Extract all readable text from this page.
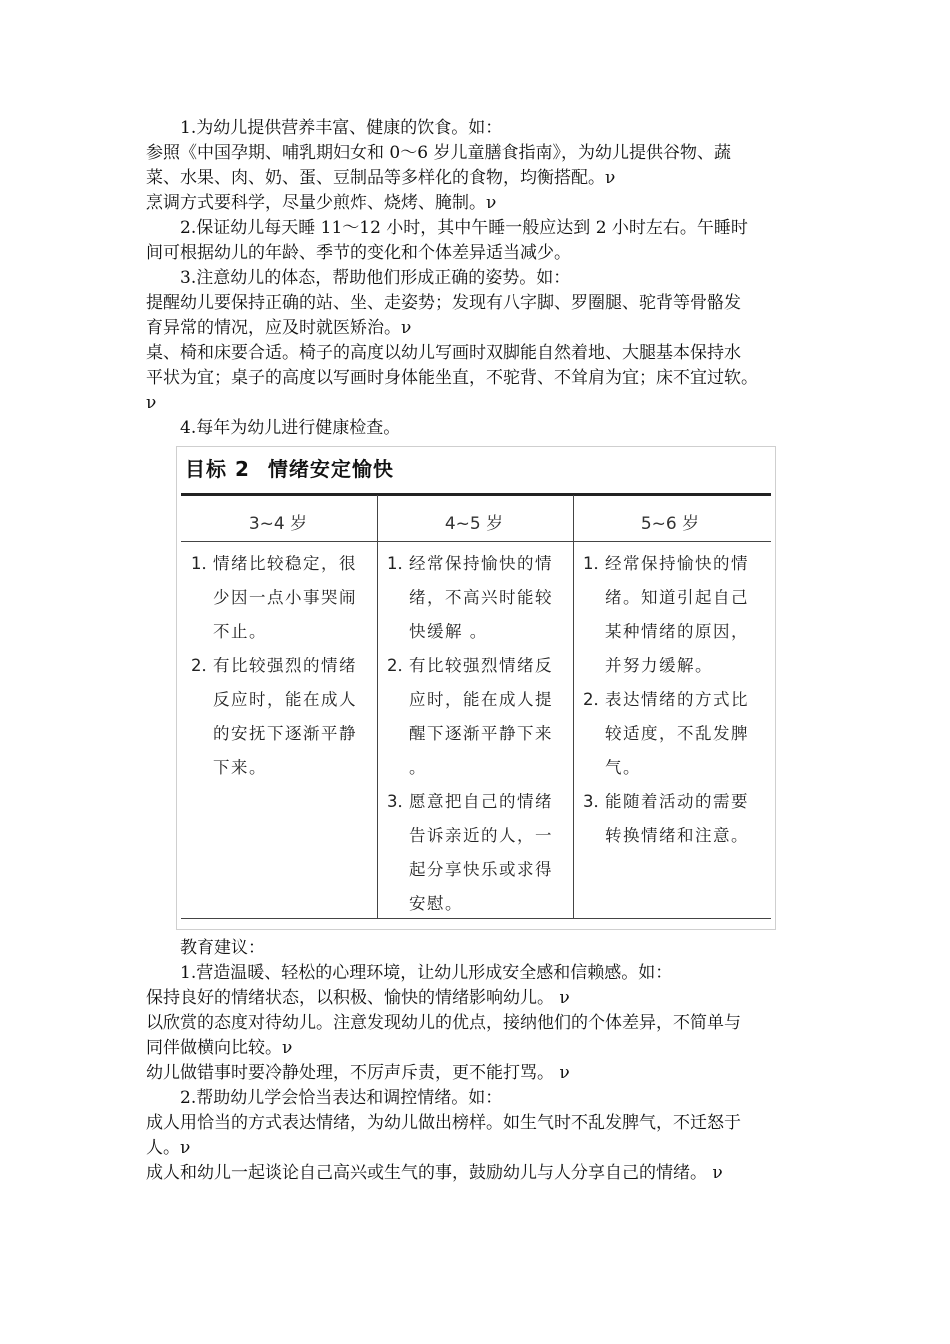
1.为幼儿提供营养丰富、健康的饮食。如：

参照《中国孕期、哺乳期妇女和 0～6 岁儿童膳食指南》，为幼儿提供谷物、蔬

菜、水果、肉、奶、蛋、豆制品等多样化的食物，均衡搭配。ν

烹调方式要科学，尽量少煎炸、烧烤、腌制。ν

2.保证幼儿每天睡 11～12 小时，其中午睡一般应达到 2 小时左右。午睡时

间可根据幼儿的年龄、季节的变化和个体差异适当减少。

3.注意幼儿的体态，帮助他们形成正确的姿势。如：

提醒幼儿要保持正确的站、坐、走姿势；发现有八字脚、罗圈腿、驼背等骨骼发

育异常的情况，应及时就医矫治。ν

桌、椅和床要合适。椅子的高度以幼儿写画时双脚能自然着地、大腿基本保持水

平状为宜；桌子的高度以写画时身体能坐直，不驼背、不耸肩为宜；床不宜过软。

ν

4.每年为幼儿进行健康检查。

目标 2 情绪安定愉快
3~4 岁	4~5 岁	5~6 岁
1．
情绪比较稳定，很
少因一点小事哭闹
不止。
2．
有比较强烈的情绪
反应时，能在成人
的安抚下逐渐平静
下来。
1．
经常保持愉快的情
绪，不高兴时能较
快缓解 。
2．
有比较强烈情绪反
应时，能在成人提
醒下逐渐平静下来
。
3．
愿意把自己的情绪
告诉亲近的人，一
起分享快乐或求得
安慰。
1．
经常保持愉快的情
绪。知道引起自己
某种情绪的原因，
并努力缓解。
2．
表达情绪的方式比
较适度，不乱发脾
气。
3．
能随着活动的需要
转换情绪和注意。

教育建议：

1.营造温暖、轻松的心理环境，让幼儿形成安全感和信赖感。如：

保持良好的情绪状态，以积极、愉快的情绪影响幼儿。 ν

以欣赏的态度对待幼儿。注意发现幼儿的优点，接纳他们的个体差异，不简单与

同伴做横向比较。ν

幼儿做错事时要冷静处理，不厉声斥责，更不能打骂。 ν

2.帮助幼儿学会恰当表达和调控情绪。如：

成人用恰当的方式表达情绪，为幼儿做出榜样。如生气时不乱发脾气，不迁怒于

人。ν

成人和幼儿一起谈论自己高兴或生气的事，鼓励幼儿与人分享自己的情绪。 ν
